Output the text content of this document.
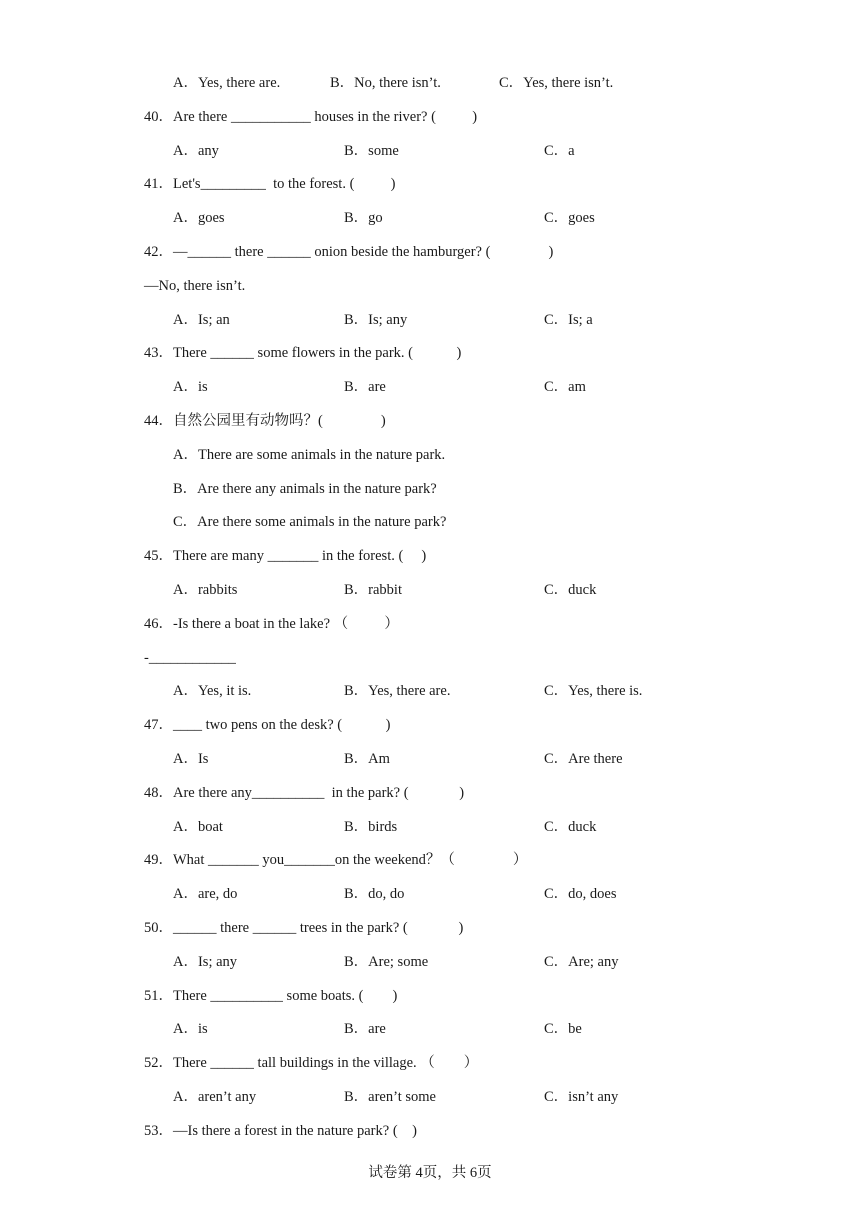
A．Yes, there are.	B．No, there isn’t.	C．Yes, there isn’t.
40．Are there ___________ houses in the river? (          )
A．any	B．some	C．a
41．Let's_________  to the forest. (          )
A．goes	B．go	C．goes
42．—______ there ______ onion beside the hamburger? (                )
—No, there isn’t.
A．Is; an	B．Is; any	C．Is; a
43．There ______ some flowers in the park. (            )
A．is	B．are	C．am
44．自然公园里有动物吗？(                )
A．There are some animals in the nature park.
B．Are there any animals in the nature park?
C．Are there some animals in the nature park?
45．There are many _______ in the forest. (     )
A．rabbits	B．rabbit	C．duck
46．-Is there a boat in the lake? （          ）
-____________
A．Yes, it is.	B．Yes, there are.	C．Yes, there is.
47．____ two pens on the desk? (            )
A．Is	B．Am	C．Are there
48．Are there any__________  in the park? (              )
A．boat	B．birds	C．duck
49．What _______ you_______on the weekend？（                ）
A．are, do	B．do, do	C．do, does
50．______ there ______ trees in the park? (              )
A．Is; any	B．Are; some	C．Are; any
51．There __________ some boats. (        )
A．is	B．are	C．be
52．There ______ tall buildings in the village. （        ）
A．aren’t any	B．aren’t some	C．isn’t any
53．—Is there a forest in the nature park? (    )
试卷第 4页，共 6页
